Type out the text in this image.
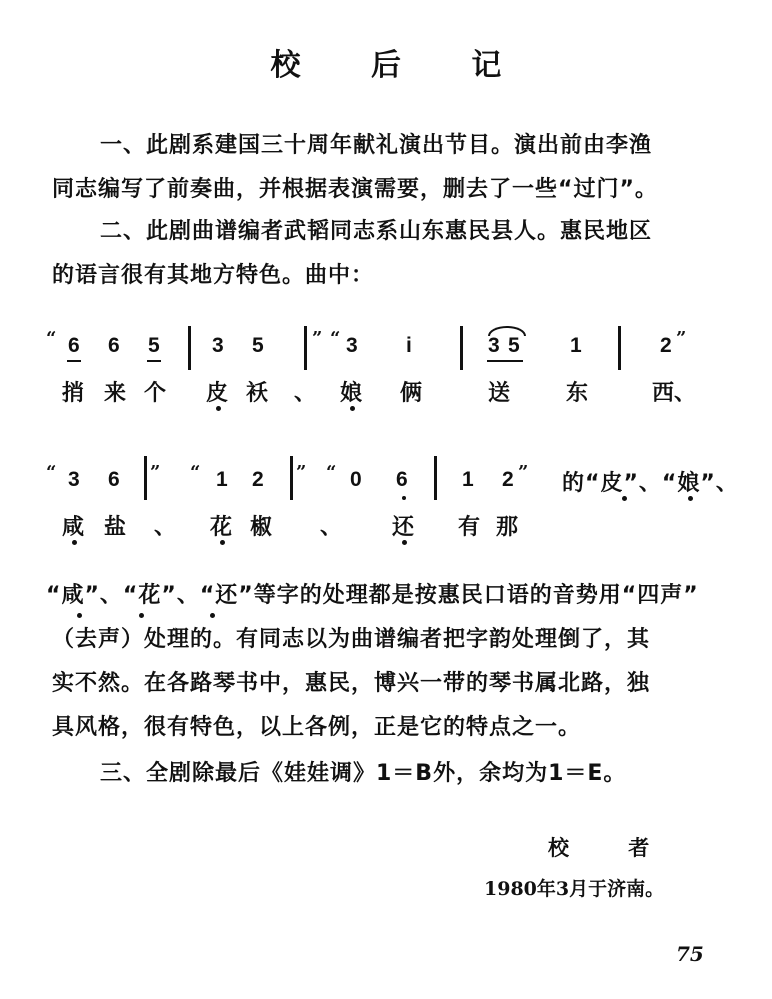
校 后 记
一、此剧系建国三十周年献礼演出节目。演出前由李渔
同志编写了前奏曲，并根据表演需要，删去了一些“过门”。
二、此剧曲谱编者武韬同志系山东惠民县人。惠民地区
的语言很有其地方特色。曲中：
“ 6 6 5 3 5	” “ 3 i	3 5 1	2 ”
捎 来 个 皮 袄 、 娘 俩	送	东	西、
“ 3 6 ” “ 1 2 ” “ 0 6	1 2 ” 的“皮”、“娘”、
咸 盐 、 花 椒 、 还 有 那
“咸”、“花”、“还”等字的处理都是按惠民口语的音势用“四声”
（去声）处理的。有同志以为曲谱编者把字韵处理倒了，其
实不然。在各路琴书中，惠民，博兴一带的琴书属北路，独
具风格，很有特色，以上各例，正是它的特点之一。
三、全剧除最后《娃娃调》1＝B外，余均为1＝E。
校 者
1980年3月于济南。
75
